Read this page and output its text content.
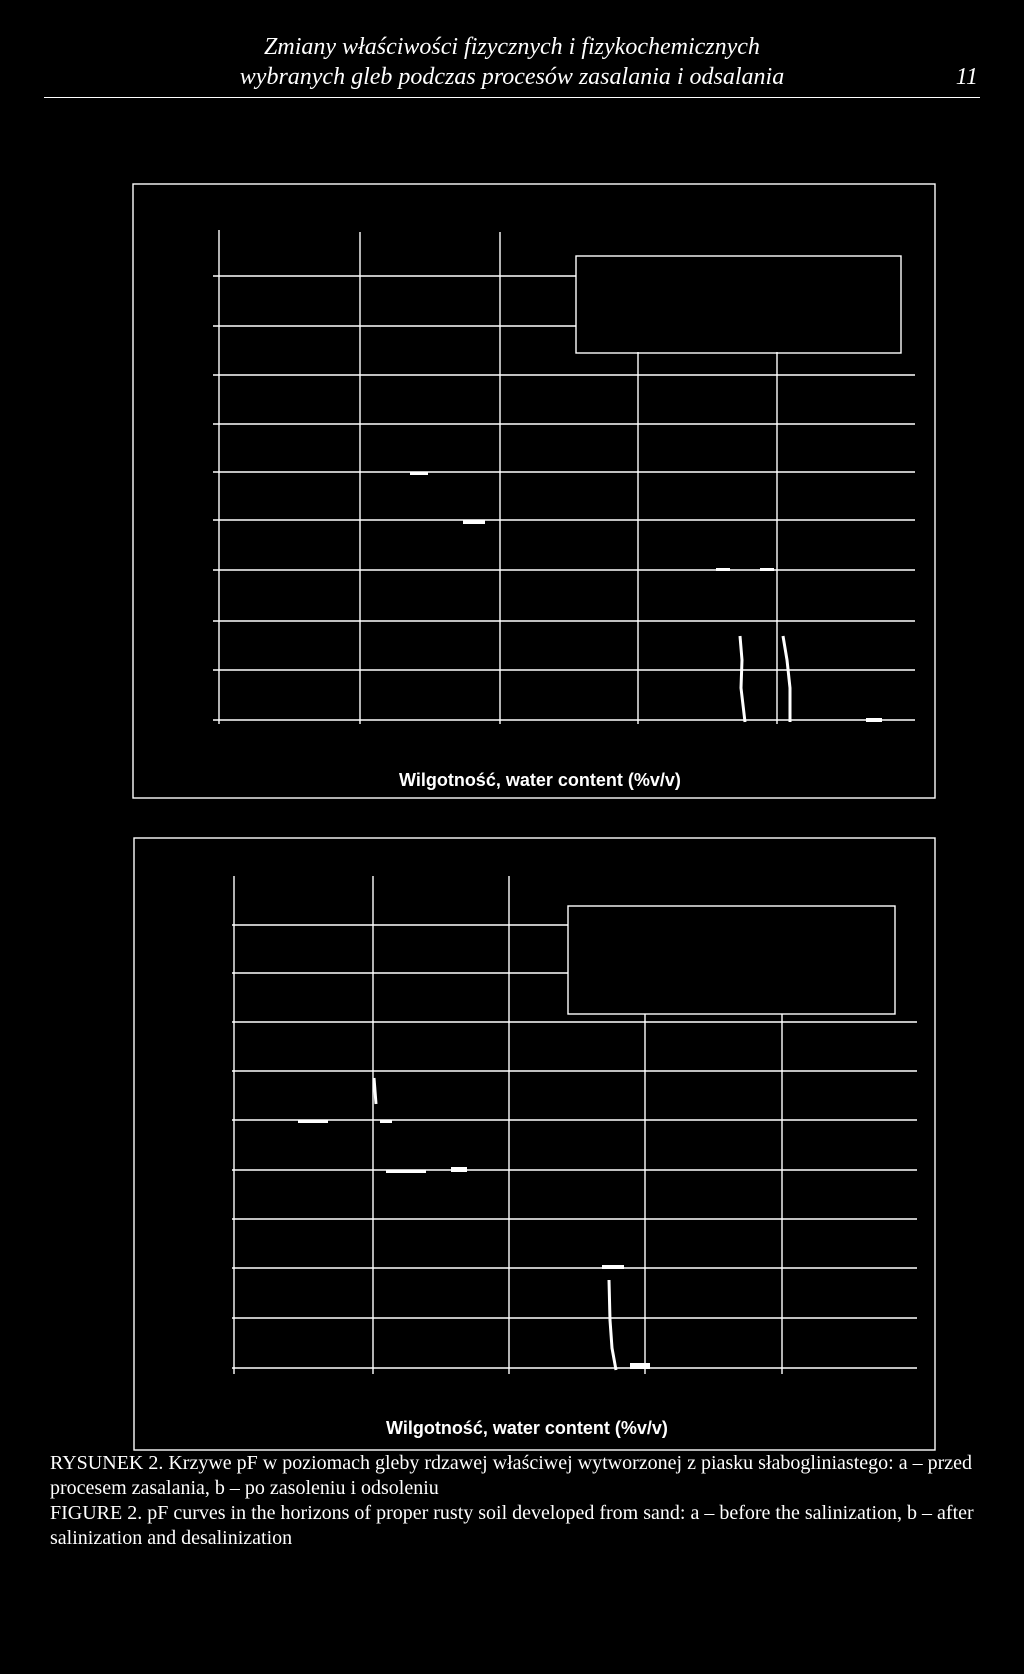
Zmiany właściwości fizycznych i fizykochemicznych
wybranych gleb podczas procesów zasalania i odsalania	11
Wilgotność, water content (%v/v)
Wilgotność, water content (%v/v)

RYSUNEK 2. Krzywe pF w poziomach gleby rdzawej właściwej wytworzonej z piasku słabogliniastego: a – przed procesem zasalania, b – po zasoleniu i odsoleniu

FIGURE 2. pF curves in the horizons of proper rusty soil developed from sand: a – before the salinization, b – after salinization and desalinization
